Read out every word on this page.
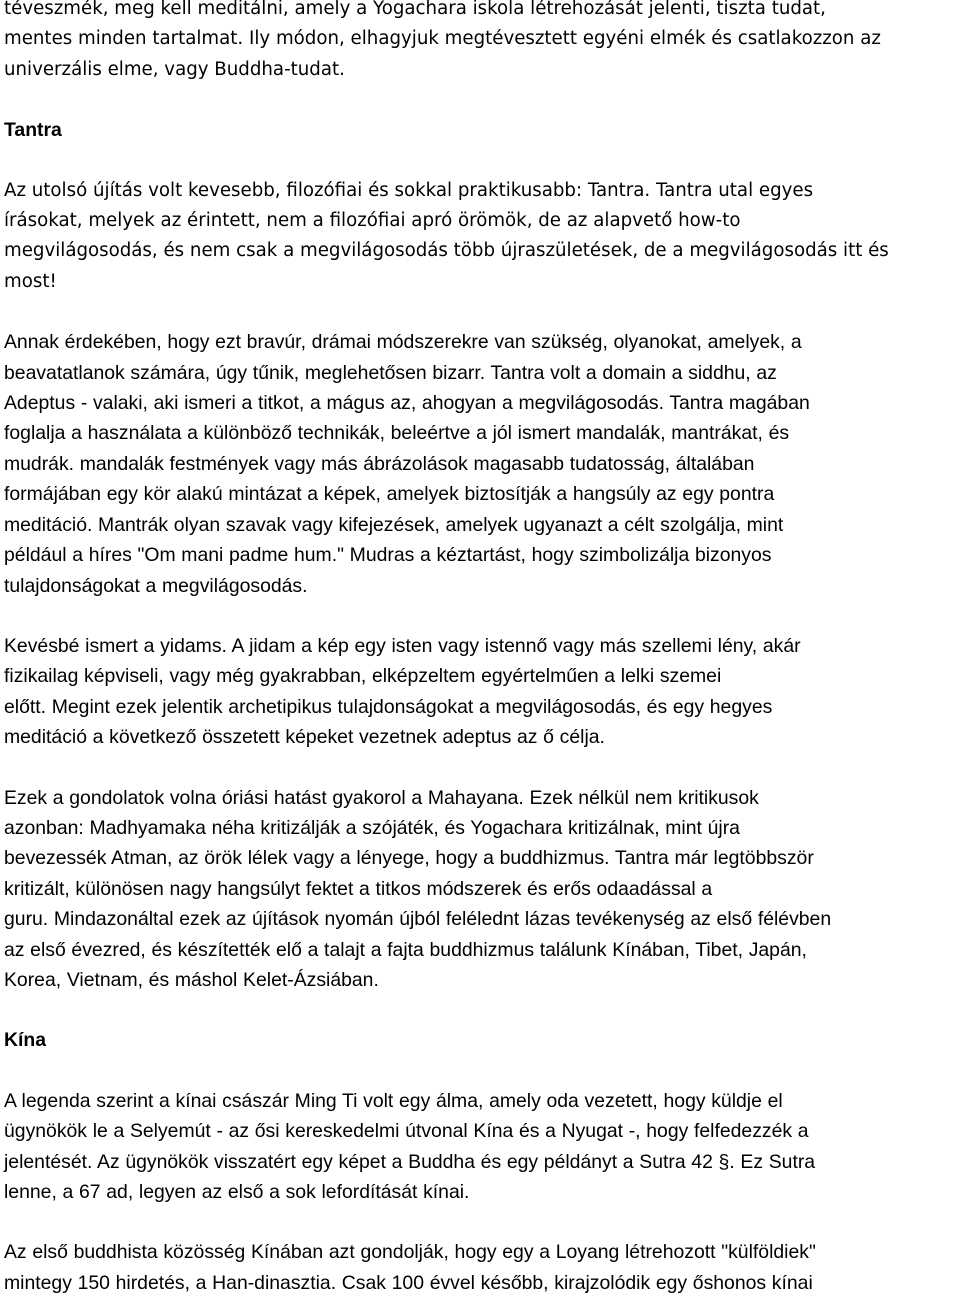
téveszmék, meg kell meditálni, amely a Yogachara iskola létrehozását jelenti, tiszta tudat,
mentes minden tartalmat. Ily módon, elhagyjuk megtévesztett egyéni elmék és csatlakozzon az
univerzális elme, vagy Buddha-tudat.

Tantra

Az utolsó újítás volt kevesebb, filozófiai és sokkal praktikusabb: Tantra. Tantra utal egyes
írásokat, melyek az érintett, nem a filozófiai apró örömök, de az alapvető how-to
megvilágosodás, és nem csak a megvilágosodás több újraszületések, de a megvilágosodás itt és
most!

Annak érdekében, hogy ezt bravúr, drámai módszerekre van szükség, olyanokat, amelyek, a
beavatatlanok számára, úgy tűnik, meglehetősen bizarr. Tantra volt a domain a siddhu, az
Adeptus - valaki, aki ismeri a titkot, a mágus az, ahogyan a megvilágosodás. Tantra magában
foglalja a használata a különböző technikák, beleértve a jól ismert mandalák, mantrákat, és
mudrák. mandalák festmények vagy más ábrázolások magasabb tudatosság, általában
formájában egy kör alakú mintázat a képek, amelyek biztosítják a hangsúly az egy pontra
meditáció. Mantrák olyan szavak vagy kifejezések, amelyek ugyanazt a célt szolgálja, mint
például a híres "Om mani padme hum." Mudras a kéztartást, hogy szimbolizálja bizonyos
tulajdonságokat a megvilágosodás.

Kevésbé ismert a yidams. A jidam a kép egy isten vagy istennő vagy más szellemi lény, akár
fizikailag képviseli, vagy még gyakrabban, elképzeltem egyértelműen a lelki szemei
előtt. Megint ezek jelentik archetipikus tulajdonságokat a megvilágosodás, és egy hegyes
meditáció a következő összetett képeket vezetnek adeptus az ő célja.

Ezek a gondolatok volna óriási hatást gyakorol a Mahayana. Ezek nélkül nem kritikusok
azonban: Madhyamaka néha kritizálják a szójáték, és Yogachara kritizálnak, mint újra
bevezessék Atman, az örök lélek vagy a lényege, hogy a buddhizmus. Tantra már legtöbbször
kritizált, különösen nagy hangsúlyt fektet a titkos módszerek és erős odaadással a
guru. Mindazonáltal ezek az újítások nyomán újból felélednt lázas tevékenység az első félévben
az első évezred, és készítették elő a talajt a fajta buddhizmus találunk Kínában, Tibet, Japán,
Korea, Vietnam, és máshol Kelet-Ázsiában.

Kína

A legenda szerint a kínai császár Ming Ti volt egy álma, amely oda vezetett, hogy küldje el
ügynökök le a Selyemút - az ősi kereskedelmi útvonal Kína és a Nyugat -, hogy felfedezzék a
jelentését. Az ügynökök visszatért egy képet a Buddha és egy példányt a Sutra 42 §. Ez Sutra
lenne, a 67 ad, legyen az első a sok lefordítását kínai.

Az első buddhista közösség Kínában azt gondolják, hogy egy a Loyang létrehozott "külföldiek"
mintegy 150 hirdetés, a Han-dinasztia. Csak 100 évvel később, kirajzolódik egy őshonos kínai
